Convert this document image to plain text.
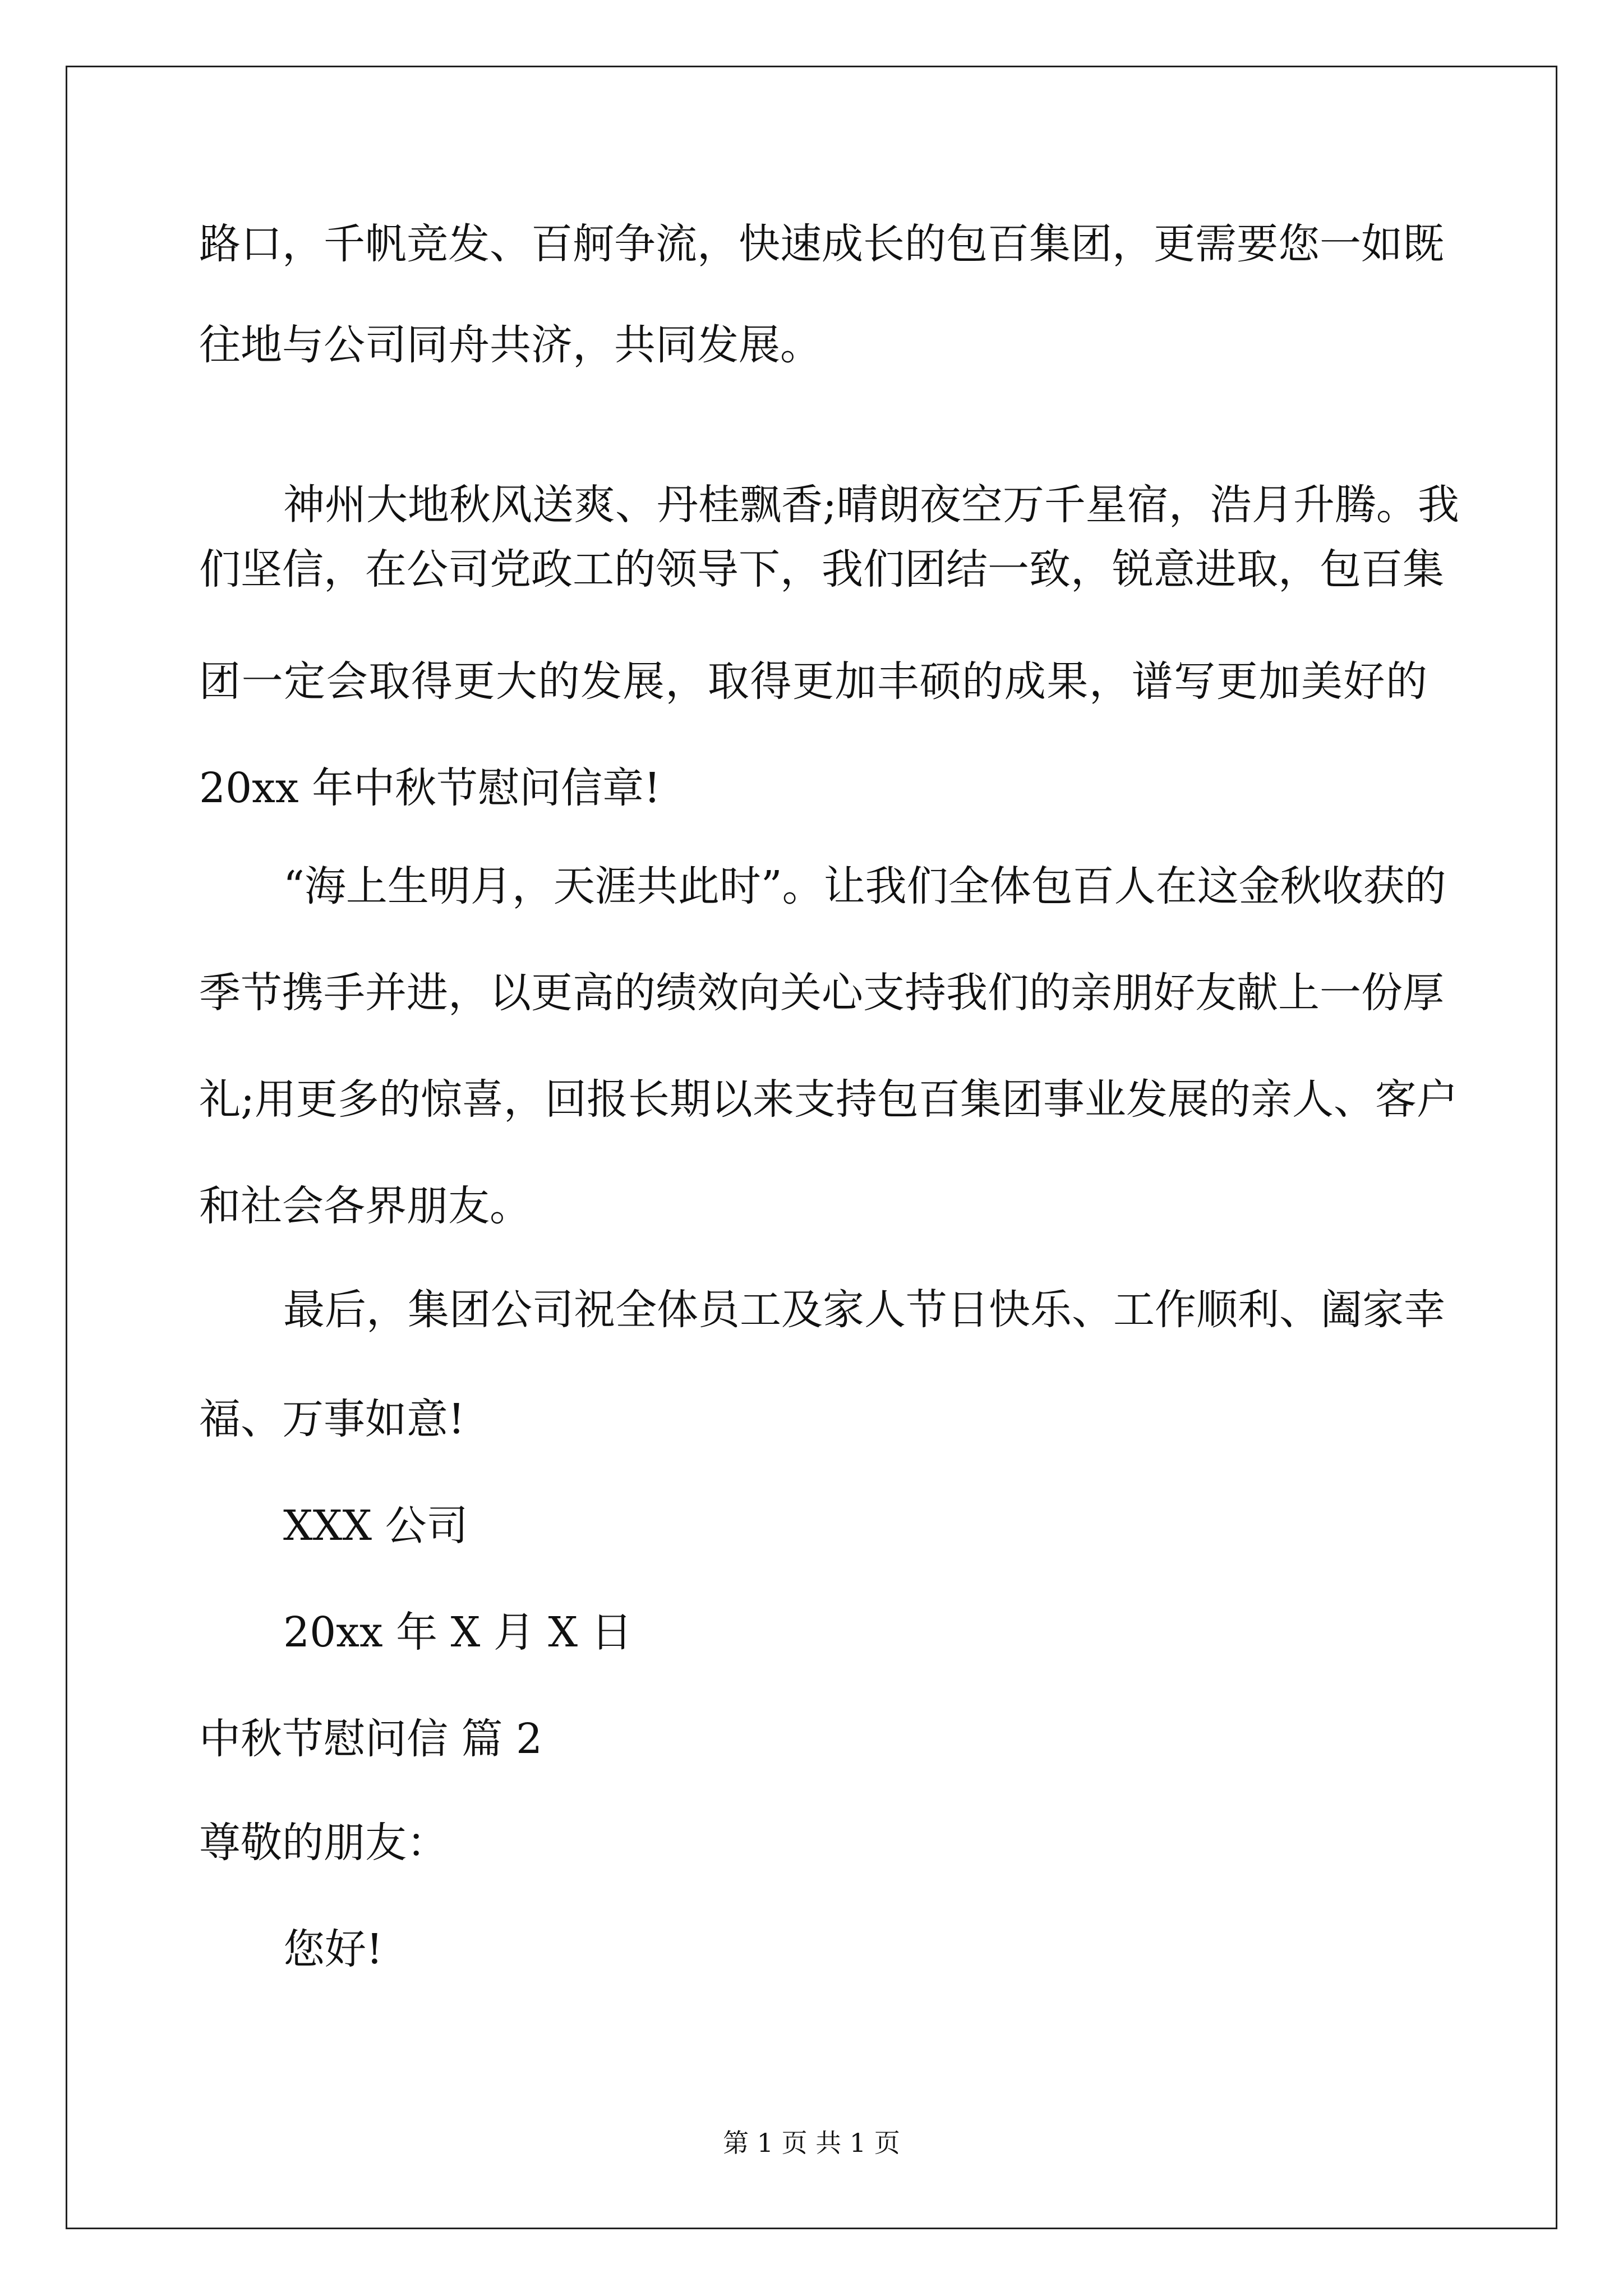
路口，千帆竞发、百舸争流，快速成长的包百集团，更需要您一如既
往地与公司同舟共济，共同发展。
神州大地秋风送爽、丹桂飘香;晴朗夜空万千星宿，浩月升腾。我
们坚信，在公司党政工的领导下，我们团结一致，锐意进取，包百集
团一定会取得更大的发展，取得更加丰硕的成果，谱写更加美好的
20xx 年中秋节慰问信章!
“海上生明月，天涯共此时”。让我们全体包百人在这金秋收获的
季节携手并进，以更高的绩效向关心支持我们的亲朋好友献上一份厚
礼;用更多的惊喜，回报长期以来支持包百集团事业发展的亲人、客户
和社会各界朋友。
最后，集团公司祝全体员工及家人节日快乐、工作顺利、阖家幸
福、万事如意!
XXX 公司
20xx 年 X 月 X 日
中秋节慰问信 篇 2
尊敬的朋友：
您好!
第 1 页 共 1 页
